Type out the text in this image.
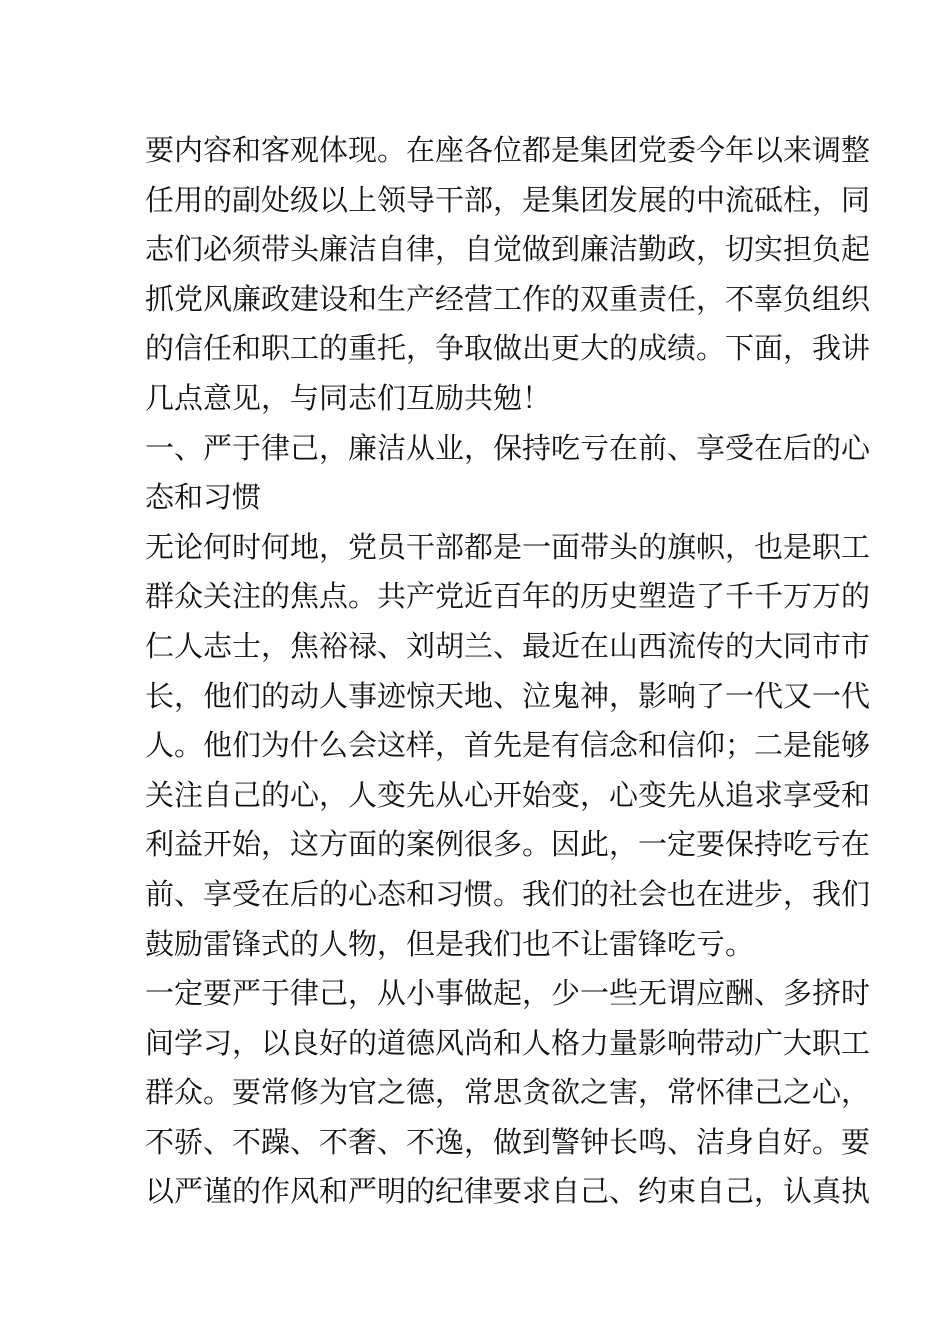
要内容和客观体现。在座各位都是集团党委今年以来调整
任用的副处级以上领导干部，是集团发展的中流砥柱，同
志们必须带头廉洁自律，自觉做到廉洁勤政，切实担负起
抓党风廉政建设和生产经营工作的双重责任，不辜负组织
的信任和职工的重托，争取做出更大的成绩。下面，我讲
几点意见，与同志们互励共勉！
一、严于律己，廉洁从业，保持吃亏在前、享受在后的心
态和习惯
无论何时何地，党员干部都是一面带头的旗帜，也是职工
群众关注的焦点。共产党近百年的历史塑造了千千万万的
仁人志士，焦裕禄、刘胡兰、最近在山西流传的大同市市
长，他们的动人事迹惊天地、泣鬼神，影响了一代又一代
人。他们为什么会这样，首先是有信念和信仰；二是能够
关注自己的心，人变先从心开始变，心变先从追求享受和
利益开始，这方面的案例很多。因此，一定要保持吃亏在
前、享受在后的心态和习惯。我们的社会也在进步，我们
鼓励雷锋式的人物，但是我们也不让雷锋吃亏。
一定要严于律己，从小事做起，少一些无谓应酬、多挤时
间学习，以良好的道德风尚和人格力量影响带动广大职工
群众。要常修为官之德，常思贪欲之害，常怀律己之心，
不骄、不躁、不奢、不逸，做到警钟长鸣、洁身自好。要
以严谨的作风和严明的纪律要求自己、约束自己，认真执
